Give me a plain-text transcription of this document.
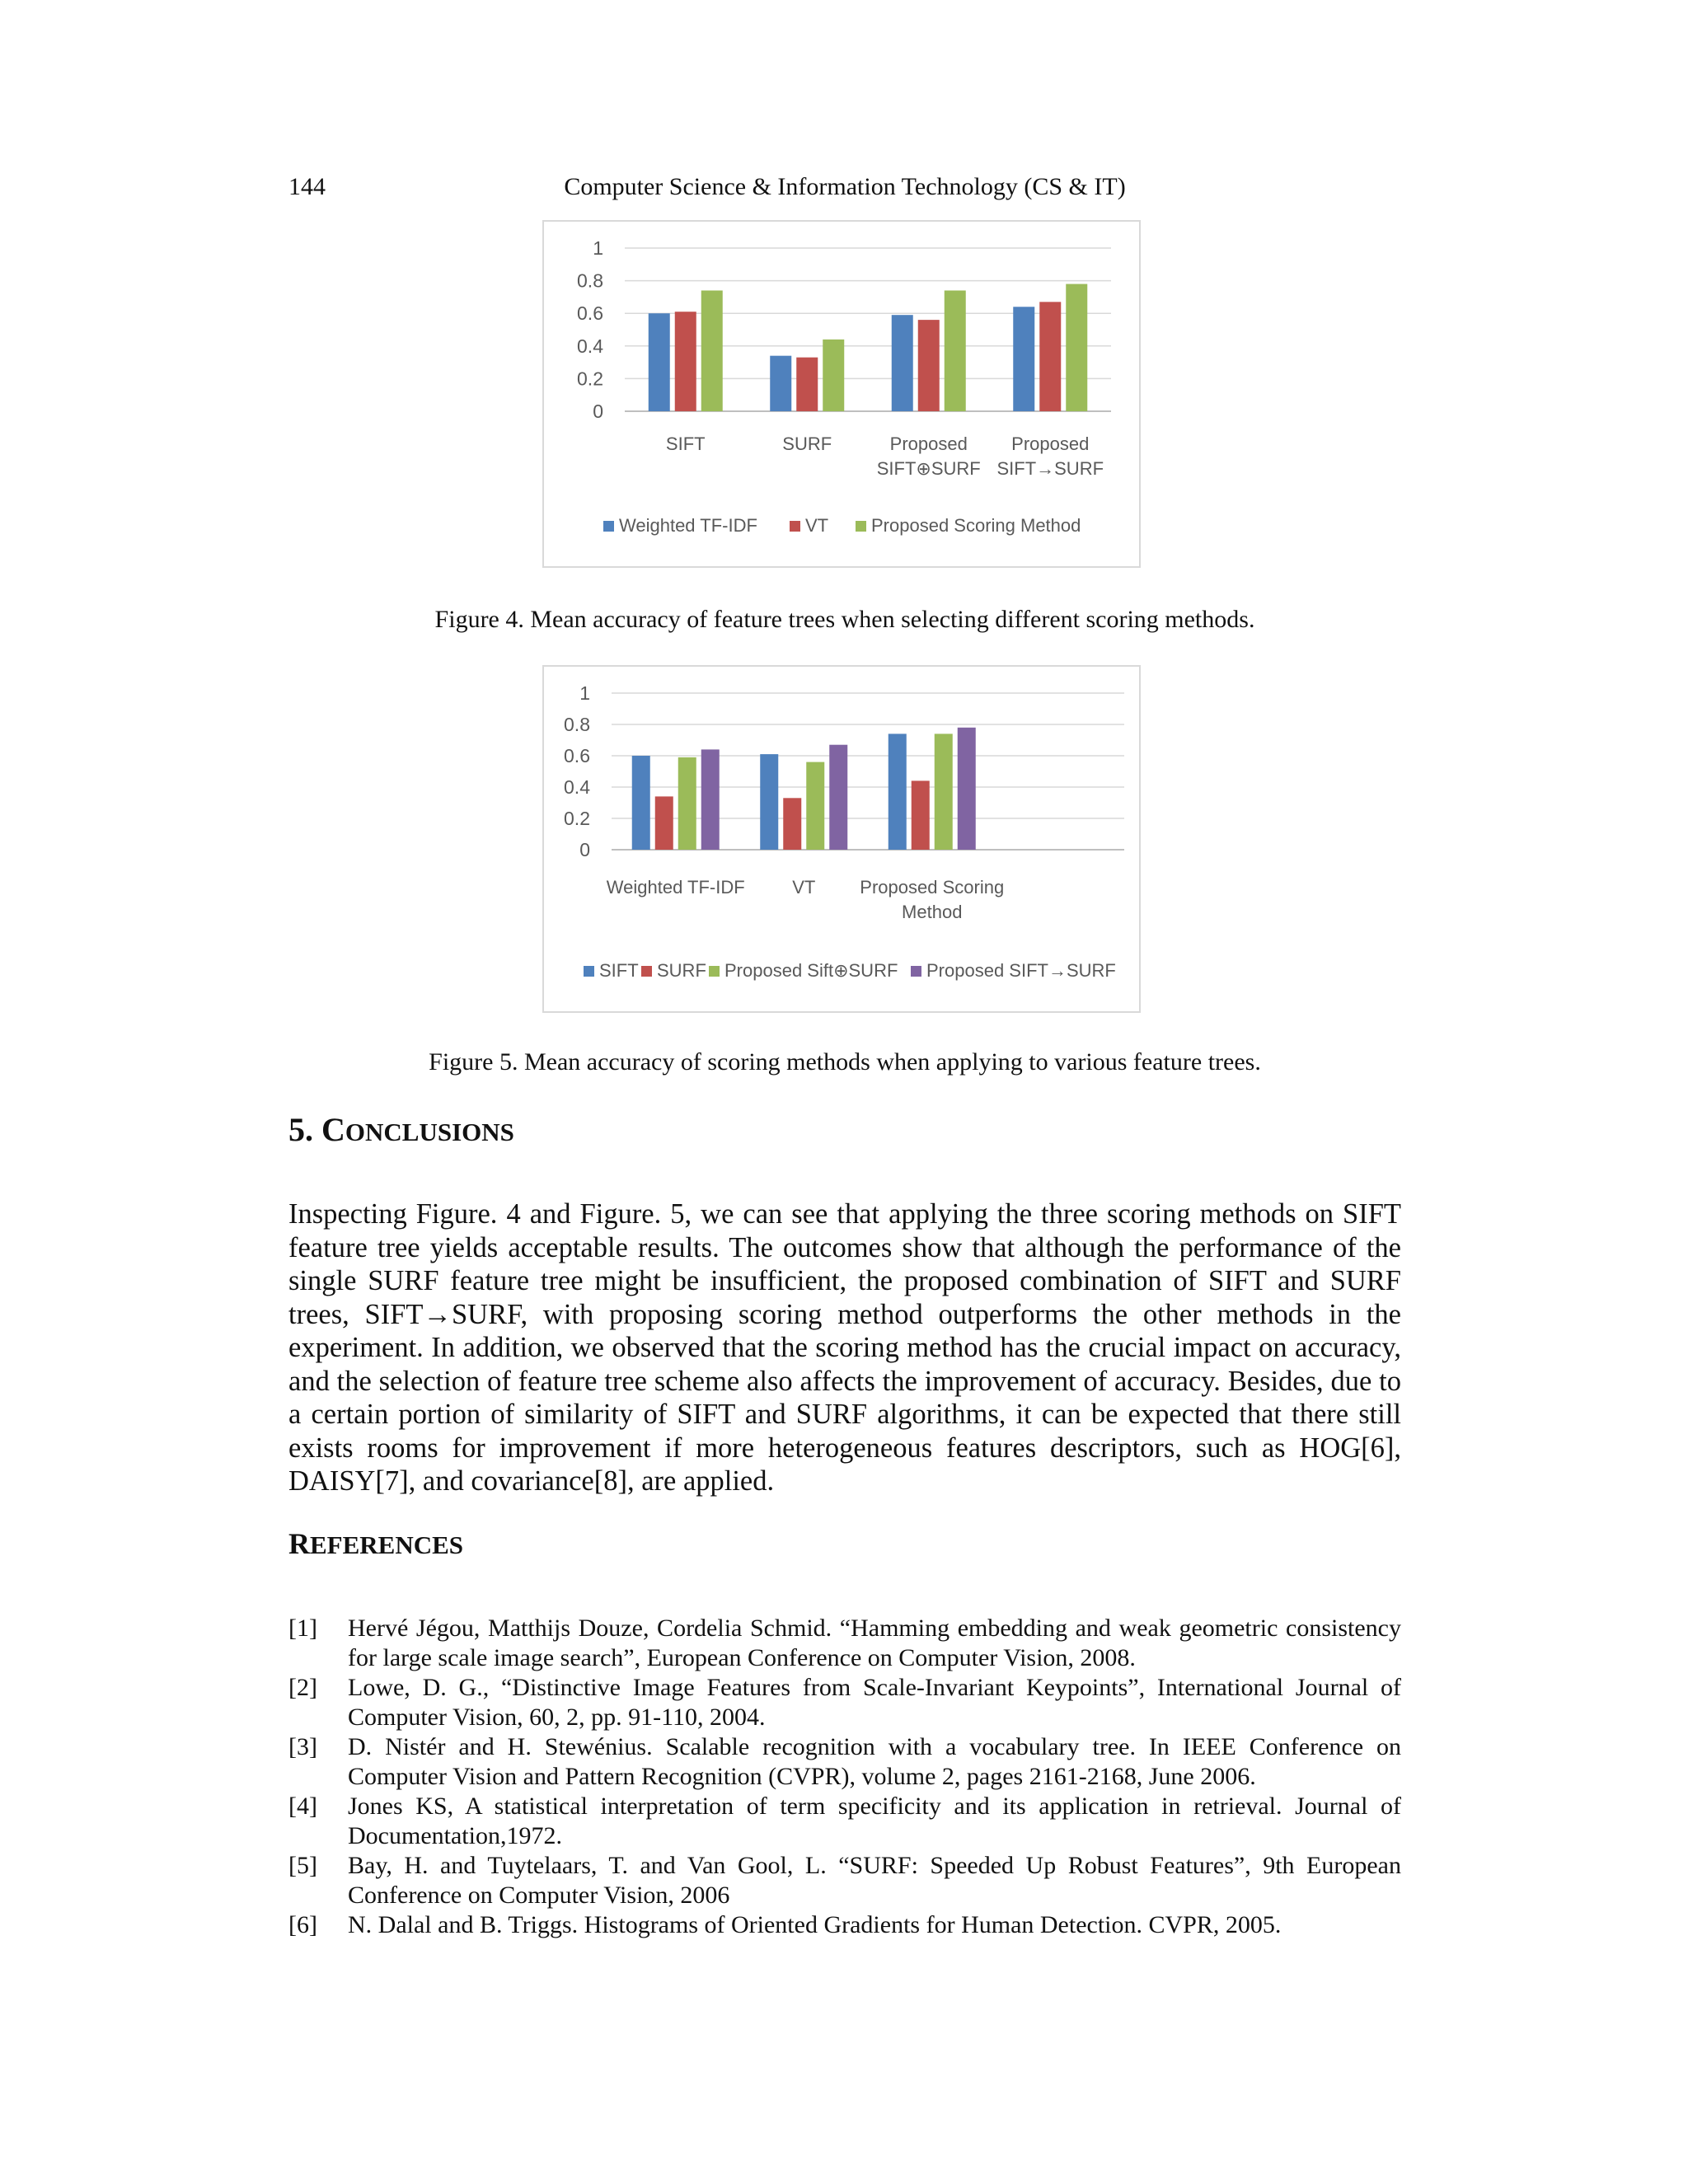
144	Computer Science & Information Technology (CS & IT)
0
0.2
0.4
0.6
0.8
1
SIFT	SURF	Proposed
SIFT⊕SURF
Proposed
SIFT→SURF
Weighted TF-IDF	VT Proposed Scoring Method
Figure 4. Mean accuracy of feature trees when selecting different scoring methods.
0
0.2
0.4
0.6
0.8
1
Weighted TF-IDF	VT Proposed Scoring
Method
SIFT SURF Proposed Sift⊕SURF Proposed SIFT→SURF
Figure 5. Mean accuracy of scoring methods when applying to various feature trees.
5. CONCLUSIONS

Inspecting Figure. 4 and Figure. 5, we can see that applying the three scoring methods on SIFT feature tree yields acceptable results. The outcomes show that although the performance of the single SURF feature tree might be insufficient, the proposed combination of SIFT and SURF trees, SIFT→SURF, with proposing scoring method outperforms the other methods in the experiment. In addition, we observed that the scoring method has the crucial impact on accuracy, and the selection of feature tree scheme also affects the improvement of accuracy. Besides, due to a certain portion of similarity of SIFT and SURF algorithms, it can be expected that there still exists rooms for improvement if more heterogeneous features descriptors, such as HOG[6], DAISY[7], and covariance[8], are applied.

REFERENCES
[1] Hervé Jégou, Matthijs Douze, Cordelia Schmid. “Hamming embedding and weak geometric consistency for large scale image search”, European Conference on Computer Vision, 2008.
[2] Lowe, D. G., “Distinctive Image Features from Scale-Invariant Keypoints”, International Journal of Computer Vision, 60, 2, pp. 91-110, 2004.
[3] D. Nistér and H. Stewénius. Scalable recognition with a vocabulary tree. In IEEE Conference on Computer Vision and Pattern Recognition (CVPR), volume 2, pages 2161-2168, June 2006.
[4] Jones KS, A statistical interpretation of term specificity and its application in retrieval. Journal of Documentation,1972.
[5] Bay, H. and Tuytelaars, T. and Van Gool, L. “SURF: Speeded Up Robust Features”, 9th European Conference on Computer Vision, 2006
[6] N. Dalal and B. Triggs. Histograms of Oriented Gradients for Human Detection. CVPR, 2005.
